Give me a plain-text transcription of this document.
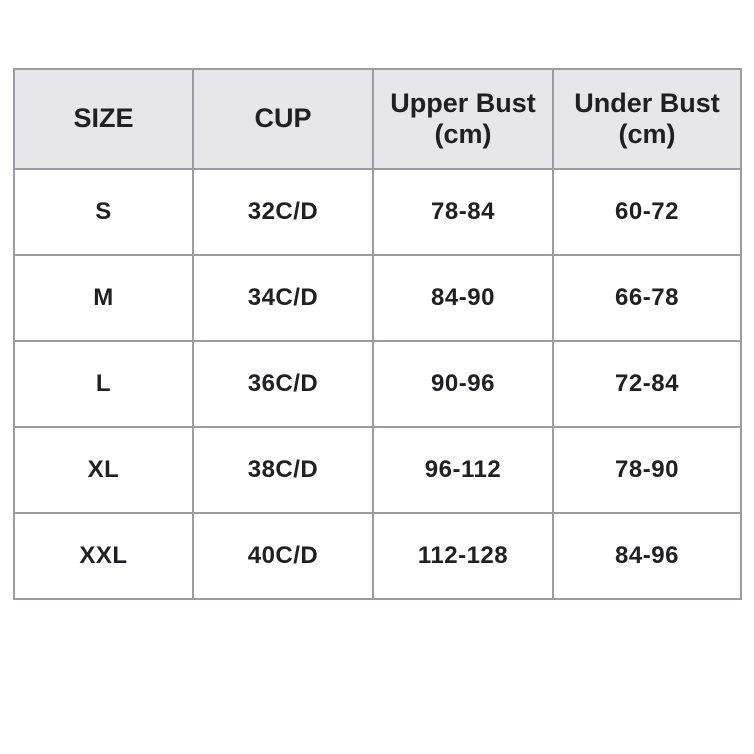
SIZE	CUP	Upper Bust (cm)	Under Bust (cm)
S	32C/D	78-84	60-72
M	34C/D	84-90	66-78
L	36C/D	90-96	72-84
XL	38C/D	96-112	78-90
XXL	40C/D	112-128	84-96
